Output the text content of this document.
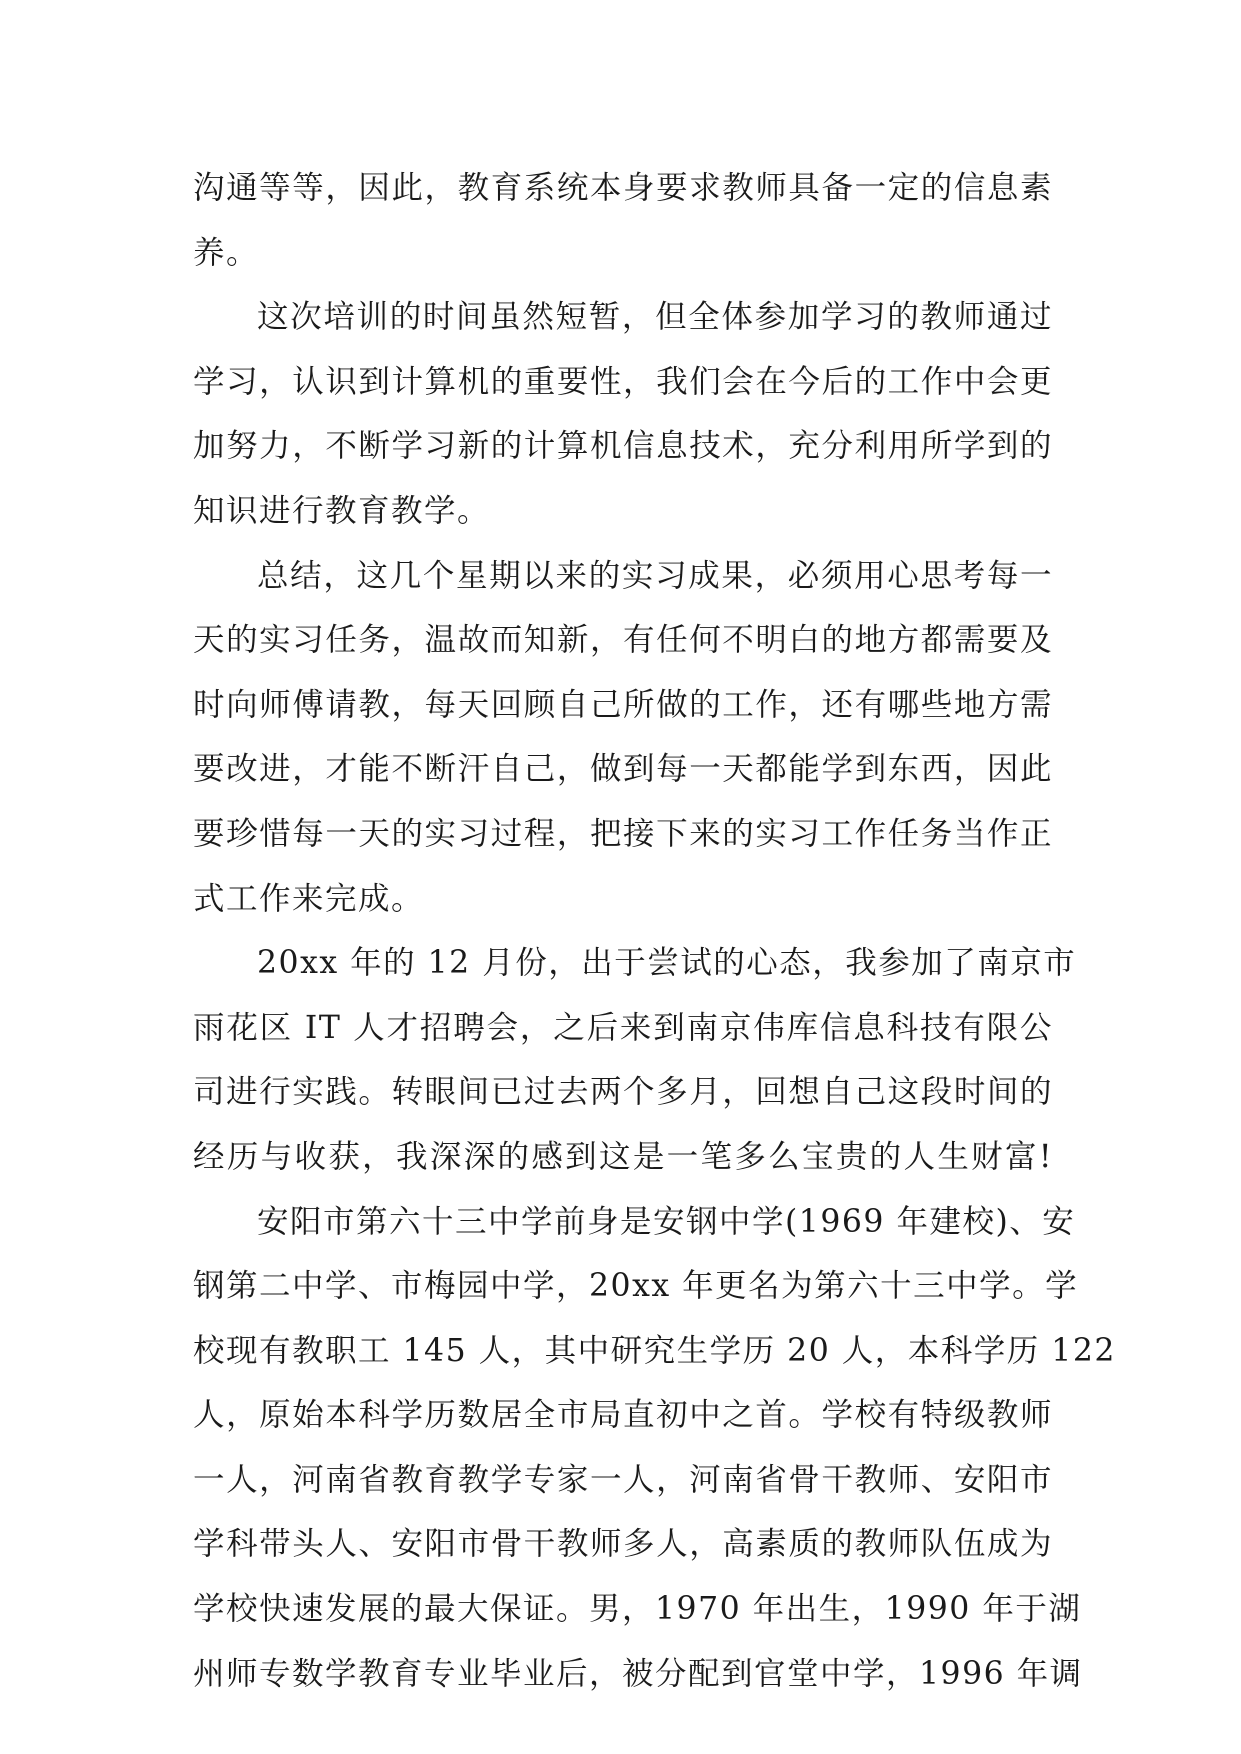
沟通等等，因此，教育系统本身要求教师具备一定的信息素
养。
这次培训的时间虽然短暂，但全体参加学习的教师通过
学习，认识到计算机的重要性，我们会在今后的工作中会更
加努力，不断学习新的计算机信息技术，充分利用所学到的
知识进行教育教学。
总结，这几个星期以来的实习成果，必须用心思考每一
天的实习任务，温故而知新，有任何不明白的地方都需要及
时向师傅请教，每天回顾自己所做的工作，还有哪些地方需
要改进，才能不断汗自己，做到每一天都能学到东西，因此
要珍惜每一天的实习过程，把接下来的实习工作任务当作正
式工作来完成。
20xx 年的 12 月份，出于尝试的心态，我参加了南京市
雨花区 IT 人才招聘会，之后来到南京伟库信息科技有限公
司进行实践。转眼间已过去两个多月，回想自己这段时间的
经历与收获，我深深的感到这是一笔多么宝贵的人生财富!
安阳市第六十三中学前身是安钢中学(1969 年建校)、安
钢第二中学、市梅园中学，20xx 年更名为第六十三中学。学
校现有教职工 145 人，其中研究生学历 20 人，本科学历 122
人，原始本科学历数居全市局直初中之首。学校有特级教师
一人，河南省教育教学专家一人，河南省骨干教师、安阳市
学科带头人、安阳市骨干教师多人，高素质的教师队伍成为
学校快速发展的最大保证。男，1970 年出生，1990 年于湖
州师专数学教育专业毕业后，被分配到官堂中学，1996 年调
